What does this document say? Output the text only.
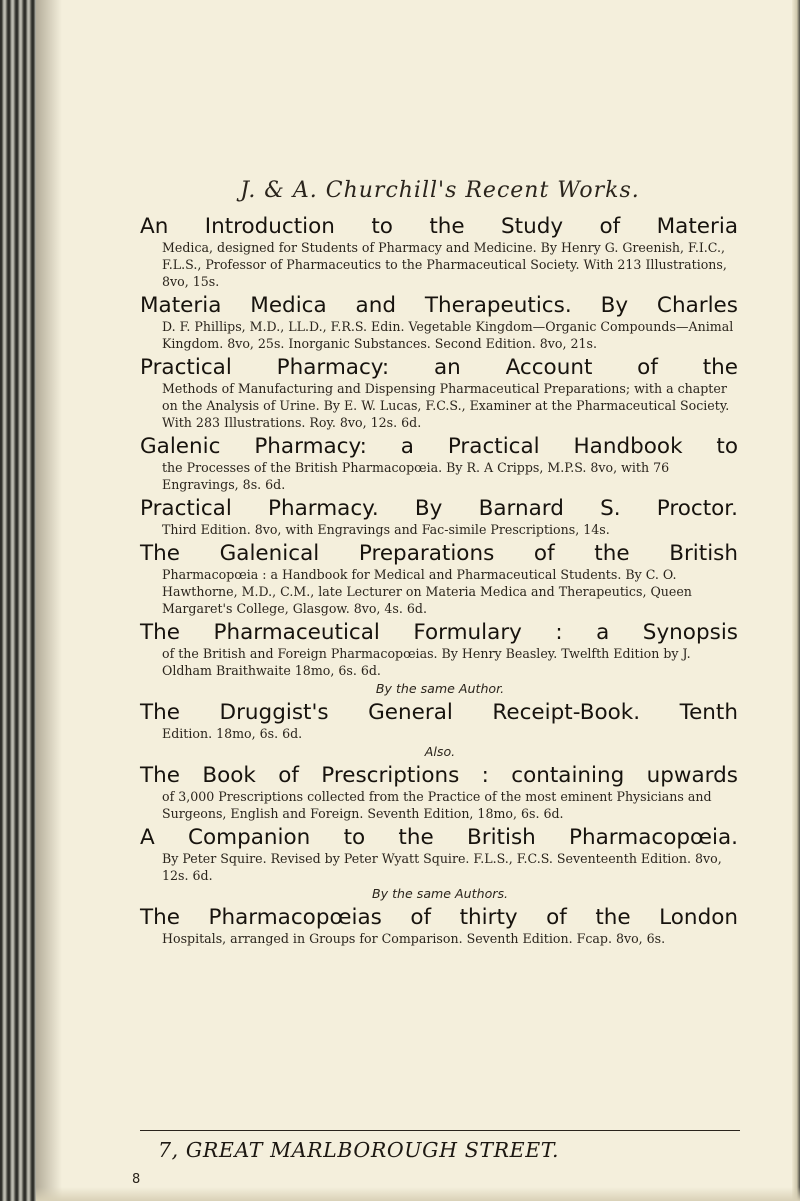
J. & A. Churchill's Recent Works.
An Introduction to the Study of Materia
Medica, designed for Students of Pharmacy and Medicine. By Henry G. Greenish, F.I.C., F.L.S., Professor of Pharmaceutics to the Pharmaceutical Society. With 213 Illustrations, 8vo, 15s.
Materia Medica and Therapeutics. By Charles
D. F. Phillips, M.D., LL.D., F.R.S. Edin. Vegetable Kingdom—Organic Compounds—Animal Kingdom. 8vo, 25s. Inorganic Substances. Second Edition. 8vo, 21s.
Practical Pharmacy: an Account of the
Methods of Manufacturing and Dispensing Pharmaceutical Preparations; with a chapter on the Analysis of Urine. By E. W. Lucas, F.C.S., Examiner at the Pharmaceutical Society. With 283 Illustrations. Roy. 8vo, 12s. 6d.
Galenic Pharmacy: a Practical Handbook to
the Processes of the British Pharmacopœia. By R. A Cripps, M.P.S. 8vo, with 76 Engravings, 8s. 6d.
Practical Pharmacy. By Barnard S. Proctor.
Third Edition. 8vo, with Engravings and Fac-simile Prescriptions, 14s.
The Galenical Preparations of the British
Pharmacopœia : a Handbook for Medical and Pharmaceutical Students. By C. O. Hawthorne, M.D., C.M., late Lecturer on Materia Medica and Therapeutics, Queen Margaret's College, Glasgow. 8vo, 4s. 6d.
The Pharmaceutical Formulary : a Synopsis
of the British and Foreign Pharmacopœias. By Henry Beasley. Twelfth Edition by J. Oldham Braithwaite 18mo, 6s. 6d.
By the same Author.
The Druggist's General Receipt-Book. Tenth
Edition. 18mo, 6s. 6d.
Also.
The Book of Prescriptions : containing upwards
of 3,000 Prescriptions collected from the Practice of the most eminent Physicians and Surgeons, English and Foreign. Seventh Edition, 18mo, 6s. 6d.
A Companion to the British Pharmacopœia.
By Peter Squire. Revised by Peter Wyatt Squire. F.L.S., F.C.S. Seventeenth Edition. 8vo, 12s. 6d.
By the same Authors.
The Pharmacopœias of thirty of the London
Hospitals, arranged in Groups for Comparison. Seventh Edition. Fcap. 8vo, 6s.
7, GREAT MARLBOROUGH STREET.
8
